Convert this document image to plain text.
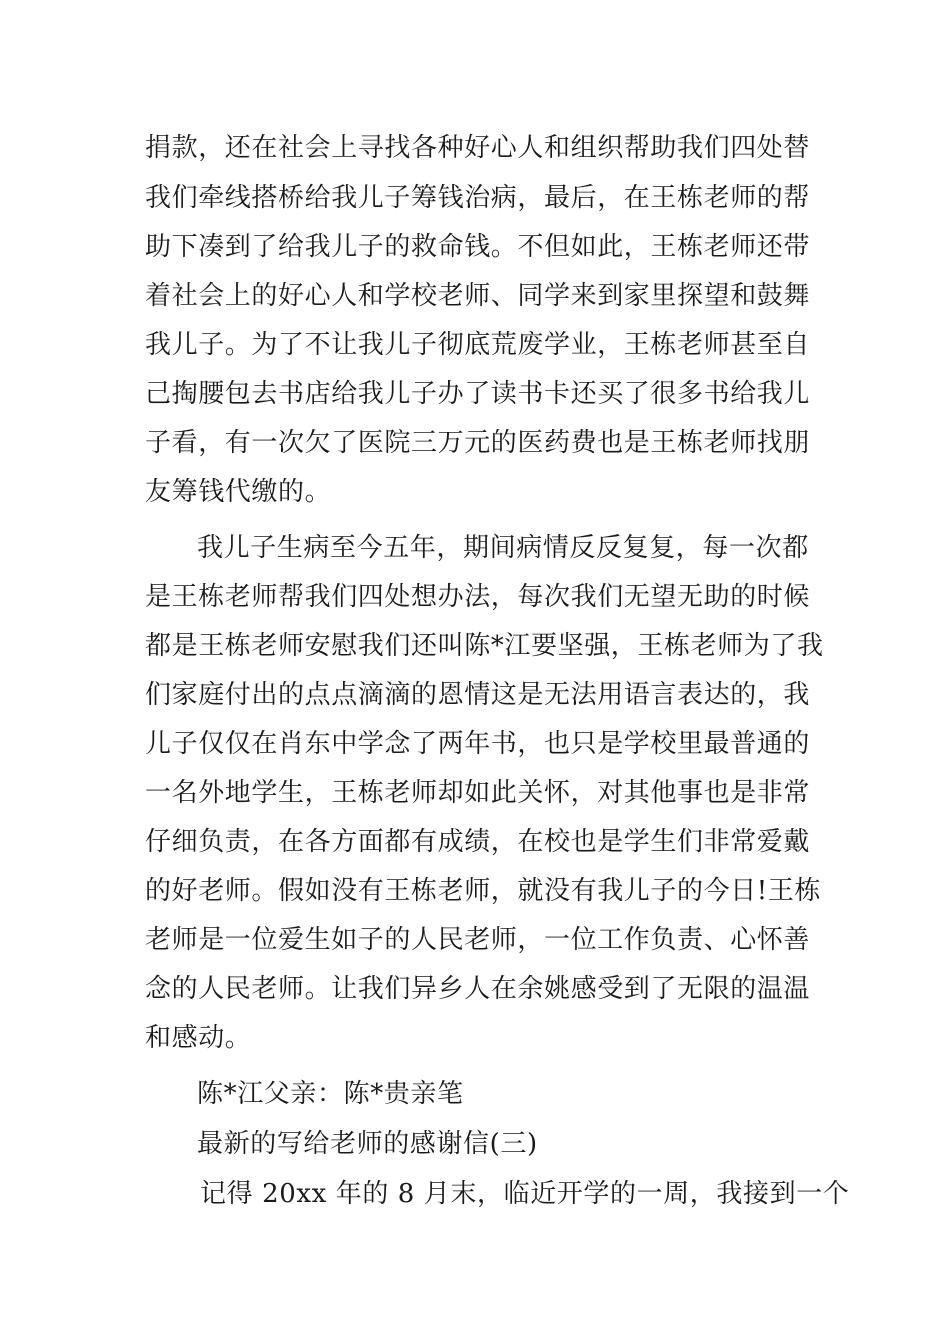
捐款，还在社会上寻找各种好心人和组织帮助我们四处替
我们牵线搭桥给我儿子筹钱治病，最后，在王栋老师的帮
助下凑到了给我儿子的救命钱。不但如此，王栋老师还带
着社会上的好心人和学校老师、同学来到家里探望和鼓舞
我儿子。为了不让我儿子彻底荒废学业，王栋老师甚至自
己掏腰包去书店给我儿子办了读书卡还买了很多书给我儿
子看，有一次欠了医院三万元的医药费也是王栋老师找朋
友筹钱代缴的。
我儿子生病至今五年，期间病情反反复复，每一次都
是王栋老师帮我们四处想办法，每次我们无望无助的时候
都是王栋老师安慰我们还叫陈*江要坚强，王栋老师为了我
们家庭付出的点点滴滴的恩情这是无法用语言表达的，我
儿子仅仅在肖东中学念了两年书，也只是学校里最普通的
一名外地学生，王栋老师却如此关怀，对其他事也是非常
仔细负责，在各方面都有成绩，在校也是学生们非常爱戴
的好老师。假如没有王栋老师，就没有我儿子的今日!王栋
老师是一位爱生如子的人民老师，一位工作负责、心怀善
念的人民老师。让我们异乡人在余姚感受到了无限的温温
和感动。
陈*江父亲：陈*贵亲笔
最新的写给老师的感谢信(三)
记得 20xx 年的 8 月末，临近开学的一周，我接到一个
